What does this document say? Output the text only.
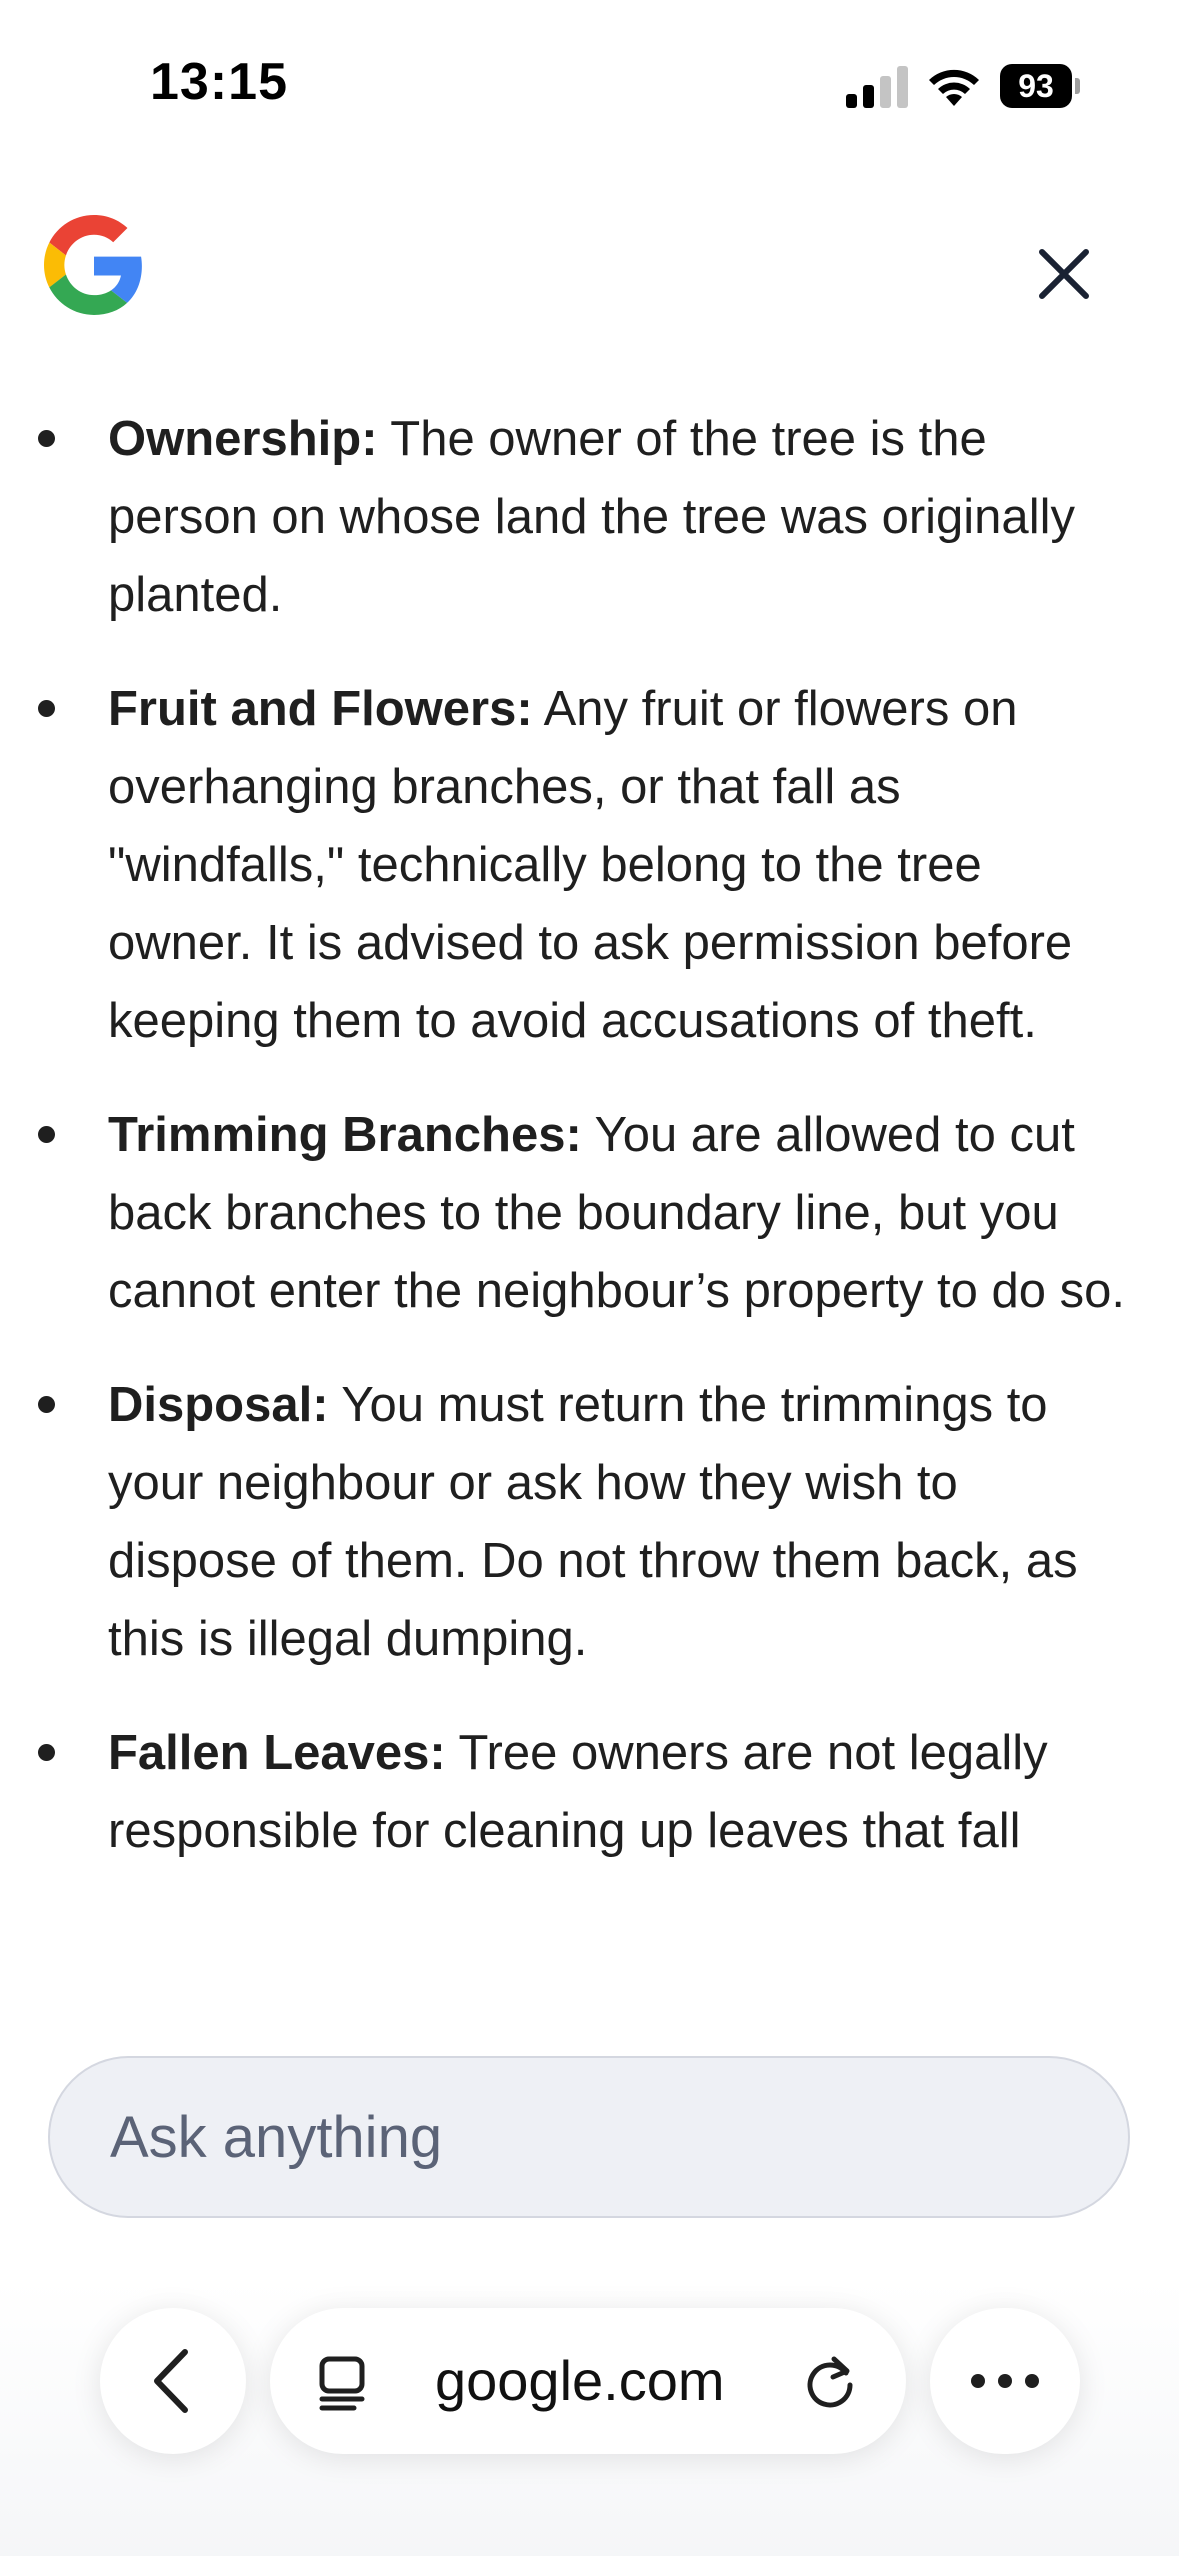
13:15	93
Ownership: The owner of the tree is the person on whose land the tree was originally planted.
Fruit and Flowers: Any fruit or flowers on overhanging branches, or that fall as "windfalls," technically belong to the tree owner. It is advised to ask permission before keeping them to avoid accusations of theft.
Trimming Branches: You are allowed to cut back branches to the boundary line, but you cannot enter the neighbour’s property to do so.
Disposal: You must return the trimmings to your neighbour or ask how they wish to dispose of them. Do not throw them back, as this is illegal dumping.
Fallen Leaves: Tree owners are not legally responsible for cleaning up leaves that fall
Ask anything
google.com
